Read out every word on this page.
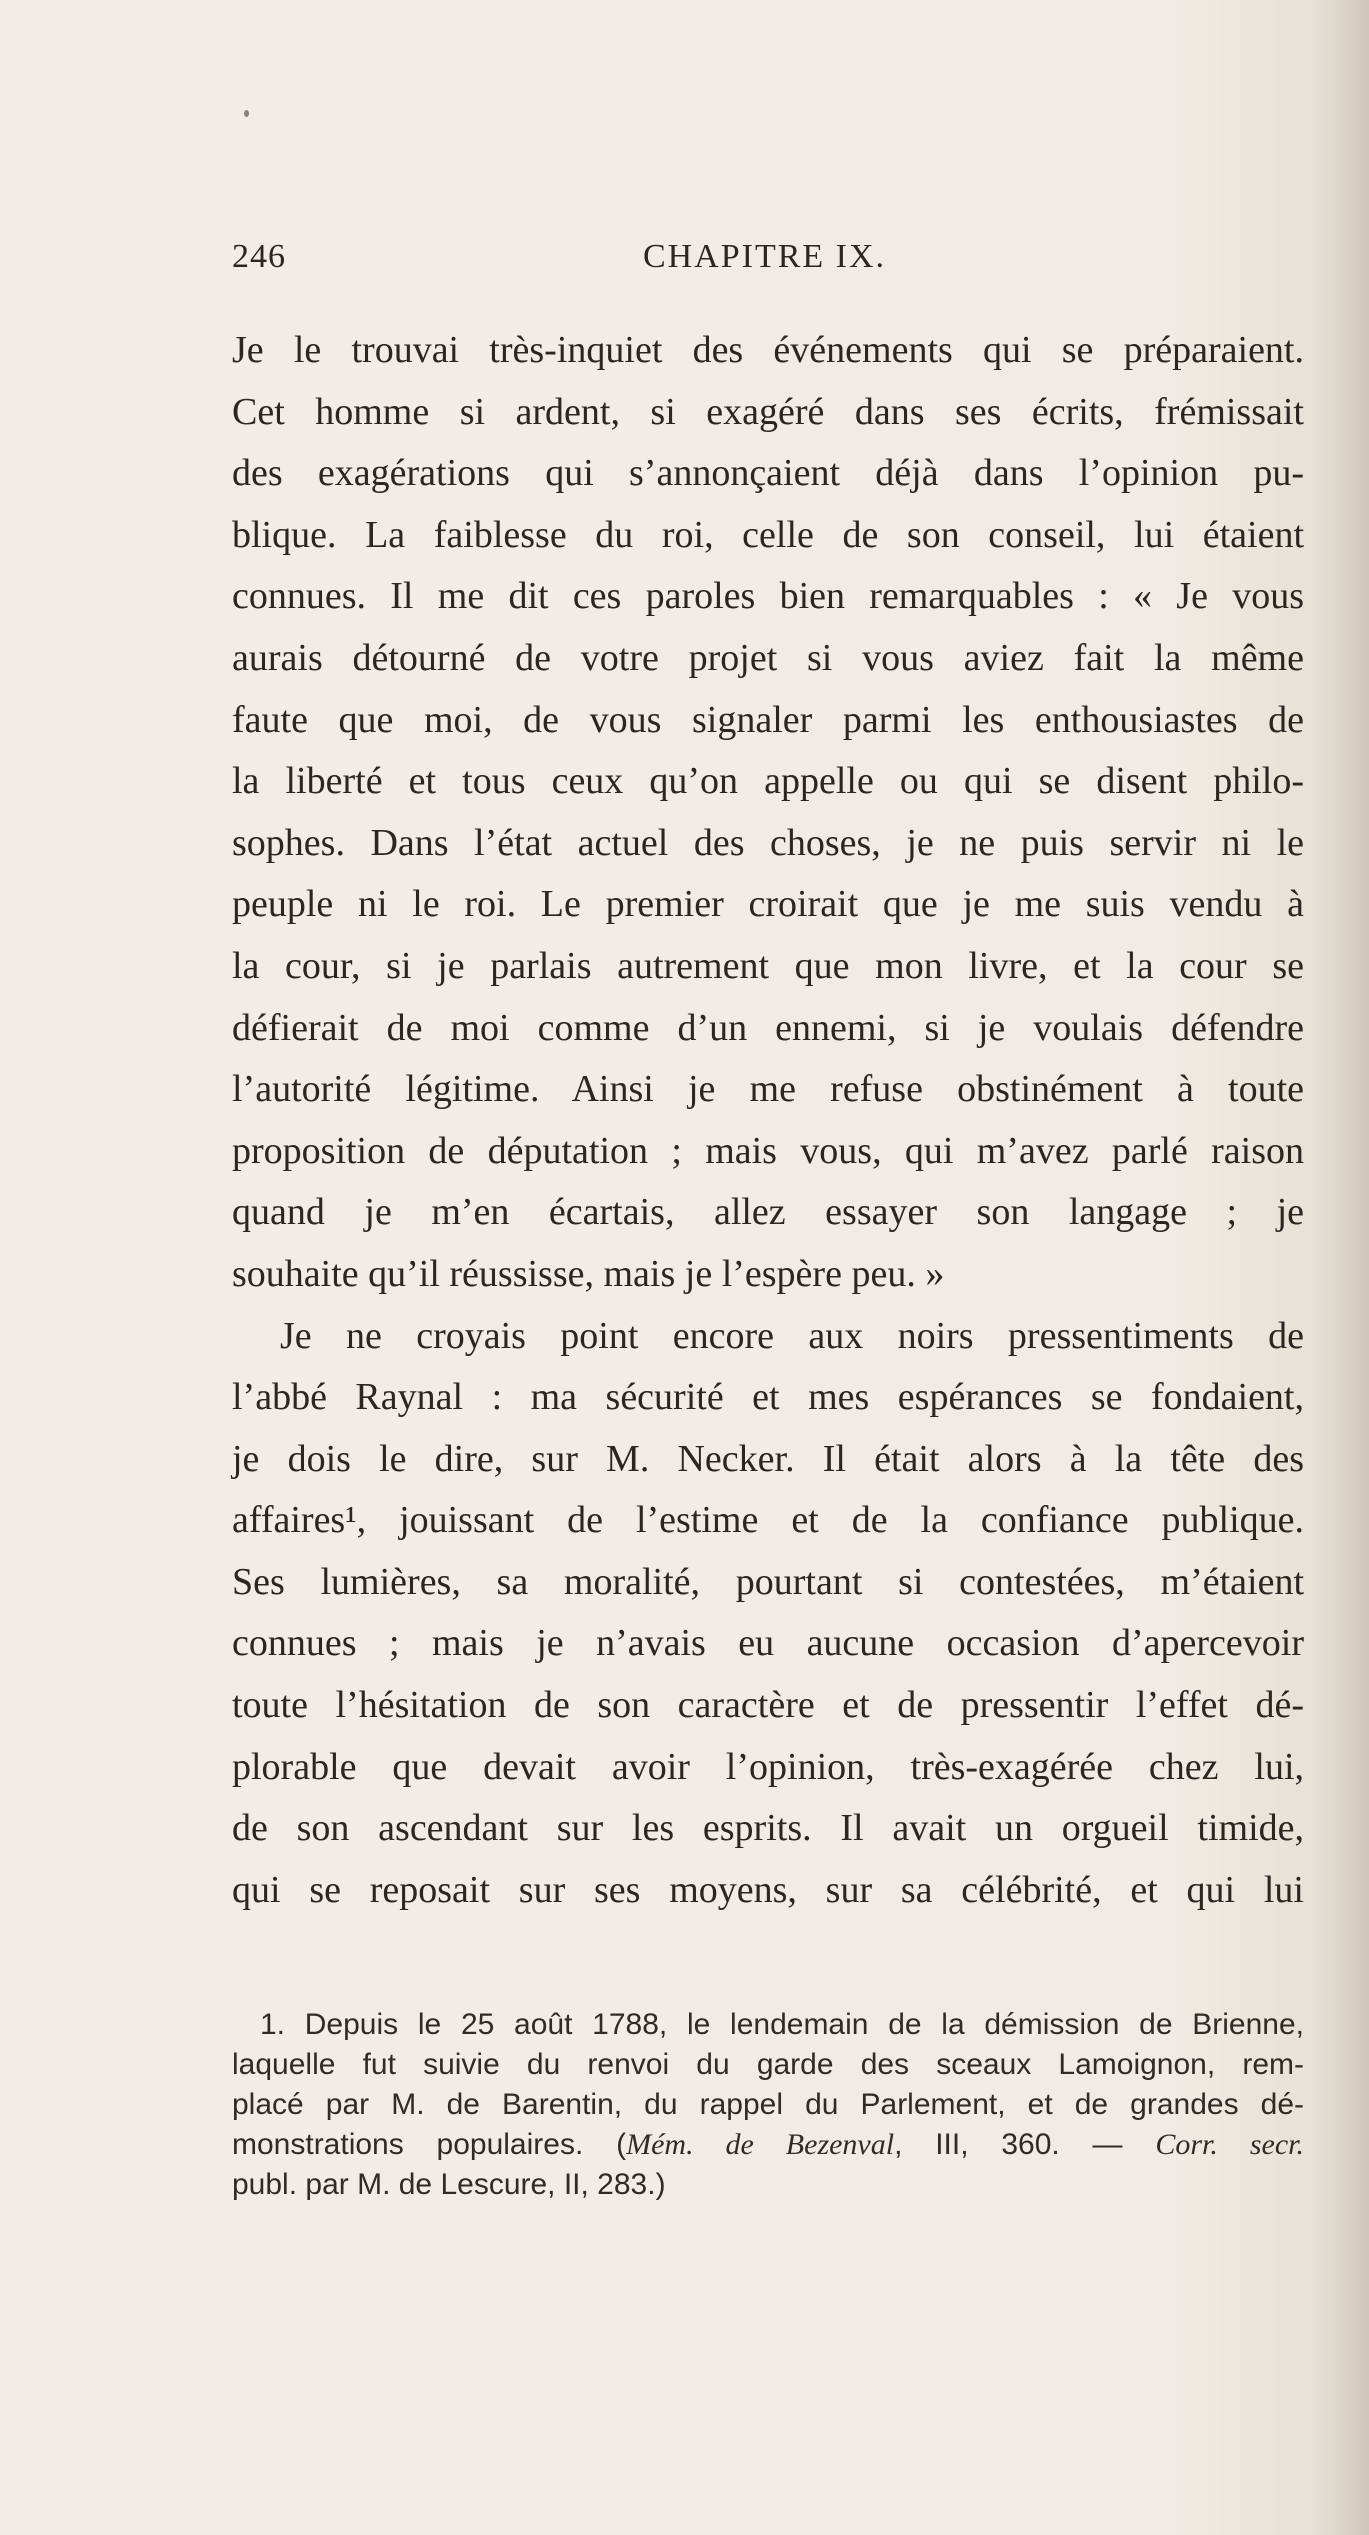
246	CHAPITRE IX.
Je le trouvai très-inquiet des événements qui se préparaient.
Cet homme si ardent, si exagéré dans ses écrits, frémissait
des exagérations qui s’annonçaient déjà dans l’opinion pu-
blique. La faiblesse du roi, celle de son conseil, lui étaient
connues. Il me dit ces paroles bien remarquables : « Je vous
aurais détourné de votre projet si vous aviez fait la même
faute que moi, de vous signaler parmi les enthousiastes de
la liberté et tous ceux qu’on appelle ou qui se disent philo-
sophes. Dans l’état actuel des choses, je ne puis servir ni le
peuple ni le roi. Le premier croirait que je me suis vendu à
la cour, si je parlais autrement que mon livre, et la cour se
défierait de moi comme d’un ennemi, si je voulais défendre
l’autorité légitime. Ainsi je me refuse obstinément à toute
proposition de députation ; mais vous, qui m’avez parlé raison
quand je m’en écartais, allez essayer son langage ; je
souhaite qu’il réussisse, mais je l’espère peu. »
Je ne croyais point encore aux noirs pressentiments de
l’abbé Raynal : ma sécurité et mes espérances se fondaient,
je dois le dire, sur M. Necker. Il était alors à la tête des
affaires¹, jouissant de l’estime et de la confiance publique.
Ses lumières, sa moralité, pourtant si contestées, m’étaient
connues ; mais je n’avais eu aucune occasion d’apercevoir
toute l’hésitation de son caractère et de pressentir l’effet dé-
plorable que devait avoir l’opinion, très-exagérée chez lui,
de son ascendant sur les esprits. Il avait un orgueil timide,
qui se reposait sur ses moyens, sur sa célébrité, et qui lui
1. Depuis le 25 août 1788, le lendemain de la démission de Brienne,
laquelle fut suivie du renvoi du garde des sceaux Lamoignon, rem-
placé par M. de Barentin, du rappel du Parlement, et de grandes dé-
monstrations populaires. (Mém. de Bezenval, III, 360. — Corr. secr.
publ. par M. de Lescure, II, 283.)
